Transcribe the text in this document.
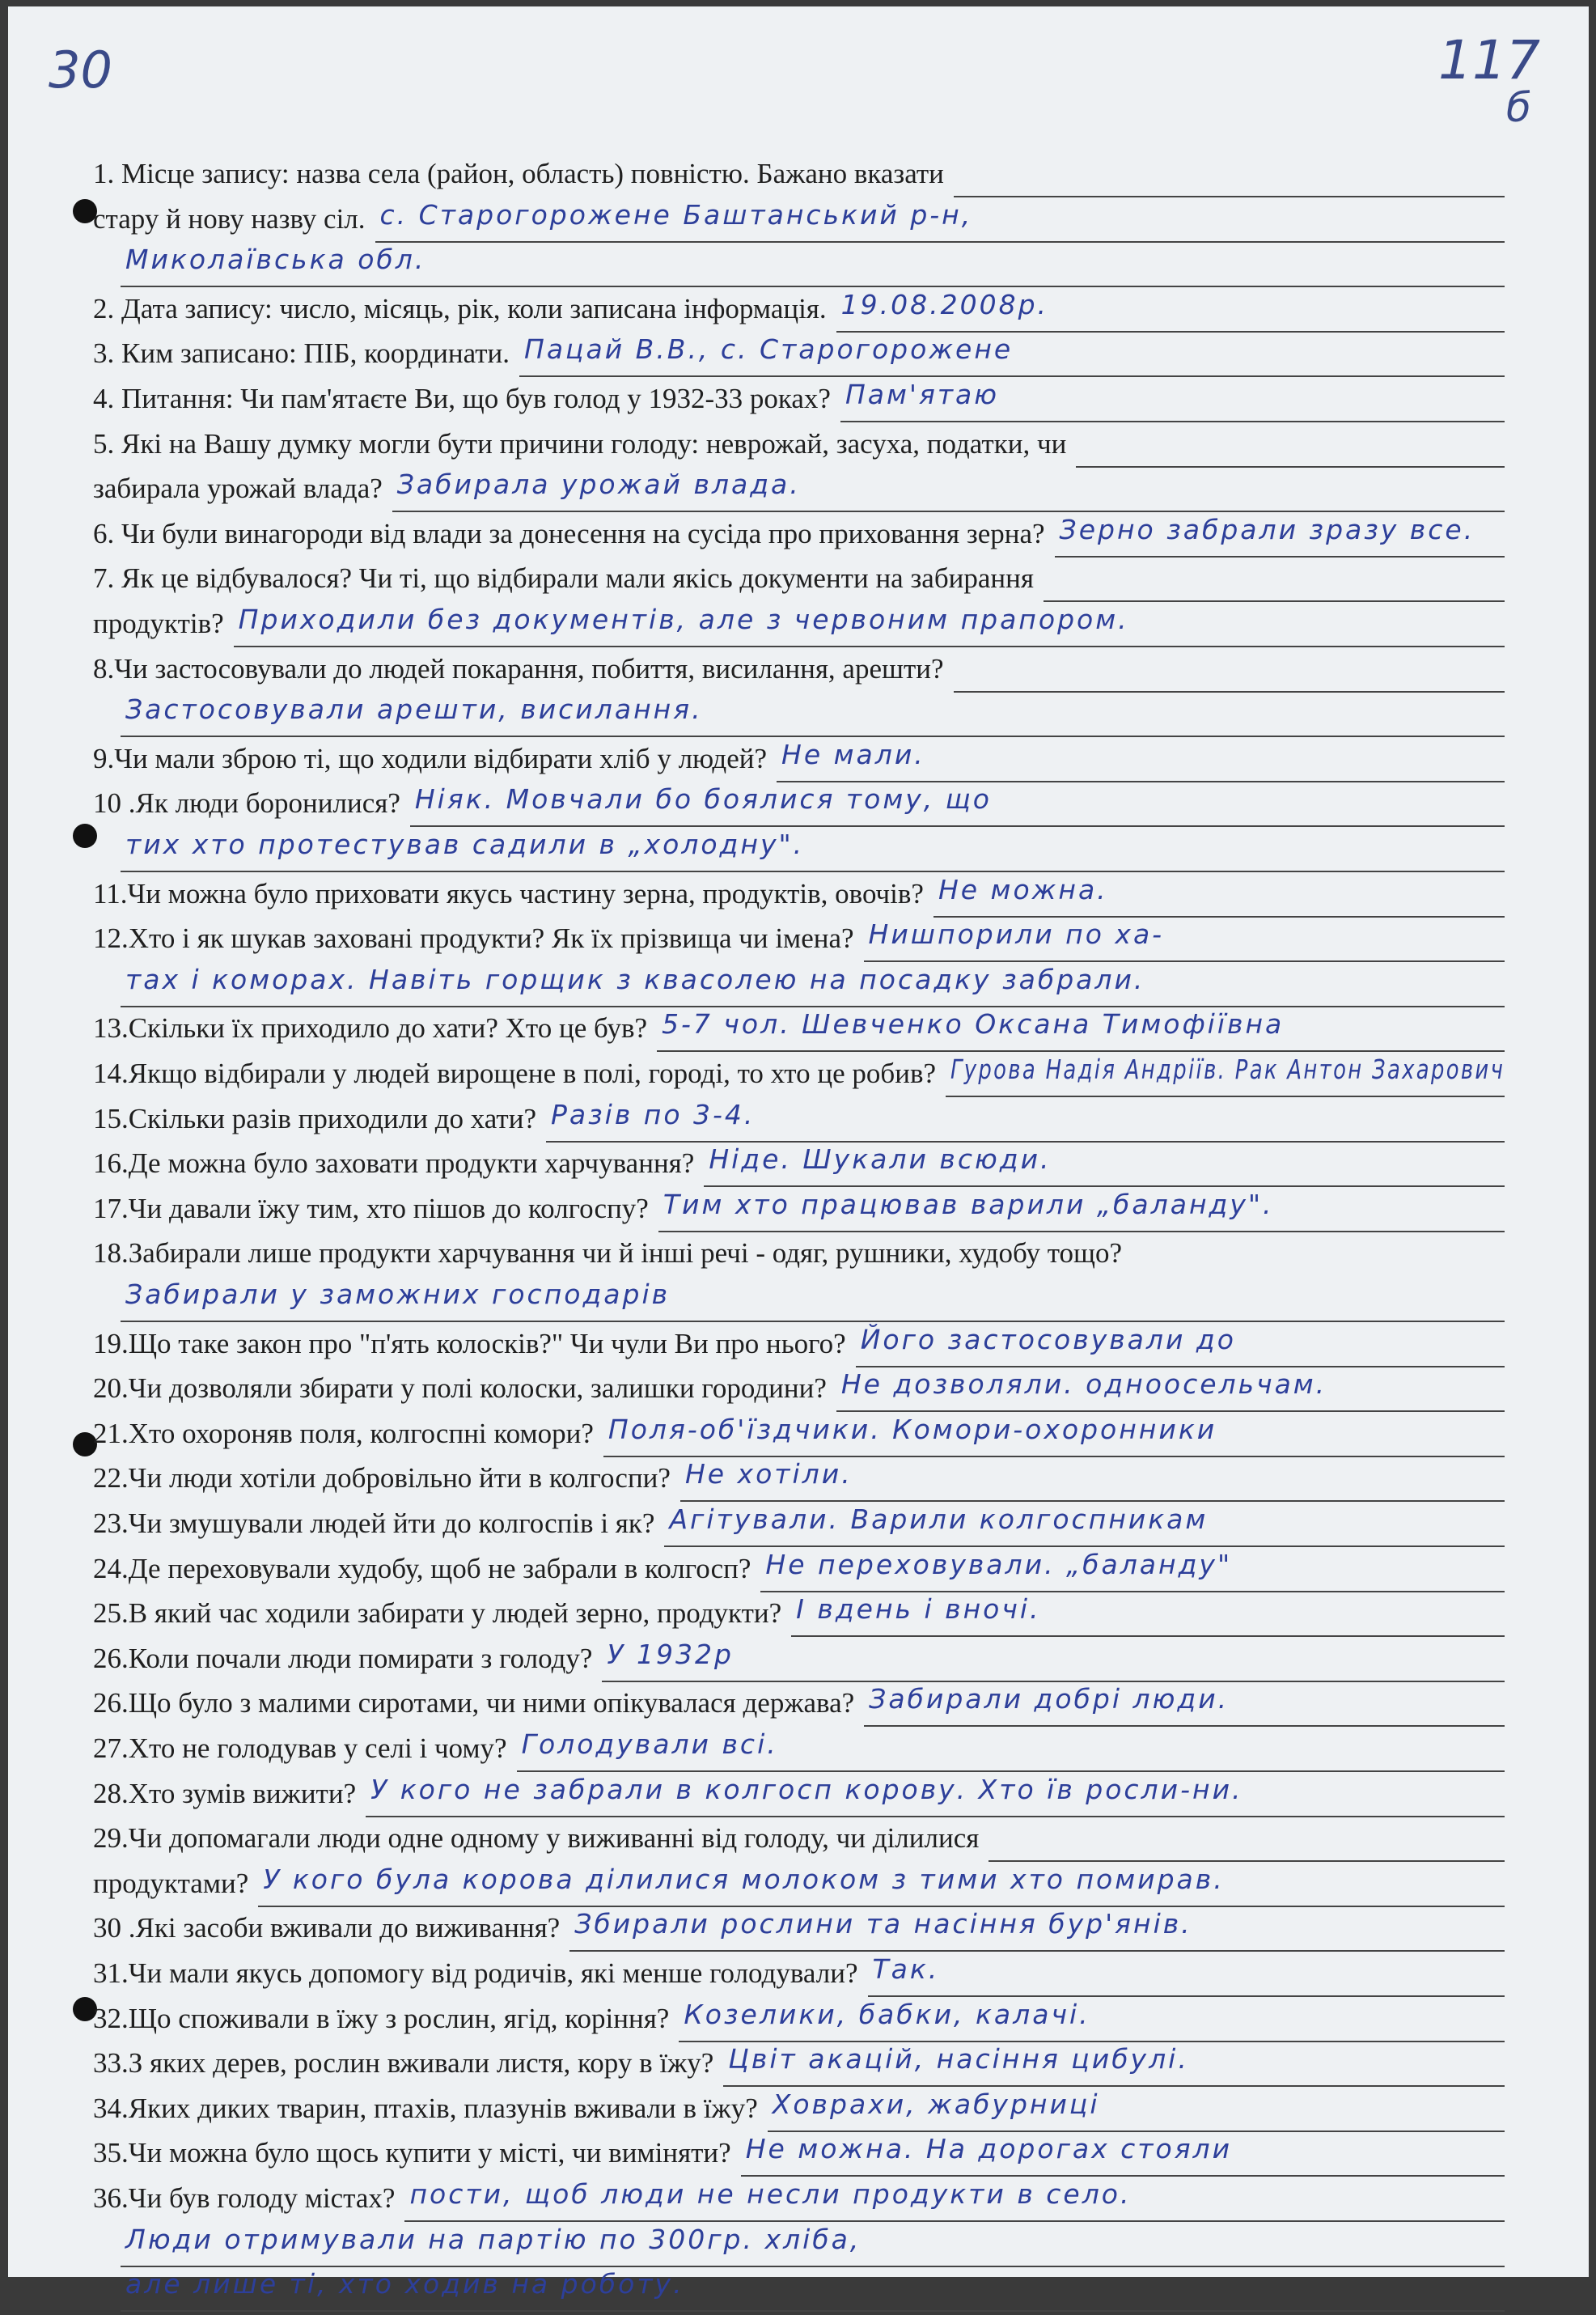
30	117
б
1. Місце запису: назва села (район, область) повністю. Бажано вказати
стару й нову назву сіл. с. Старогорожене Баштанський р-н,
Миколаївська обл.
2. Дата запису: число, місяць, рік, коли записана інформація. 19.08.2008р.
3. Ким записано: ПІБ, координати. Пацай В.В., с. Старогорожене
4. Питання: Чи пам'ятаєте Ви, що був голод у 1932-33 роках? Пам'ятаю
5. Які на Вашу думку могли бути причини голоду: неврожай, засуха, податки, чи
забирала урожай влада? Забирала урожай влада.
6. Чи були винагороди від влади за донесення на сусіда про приховання зерна? Зерно забрали зразу все.
7. Як це відбувалося? Чи ті, що відбирали мали якісь документи на забирання
продуктів? Приходили без документів, але з червоним прапором.
8.Чи застосовували до людей покарання, побиття, висилання, арешти?
Застосовували арешти, висилання.
9.Чи мали зброю ті, що ходили відбирати хліб у людей? Не мали.
10 .Як люди боронилися? Ніяк. Мовчали бо боялися тому, що
тих хто протестував садили в „холодну".
11.Чи можна було приховати якусь частину зерна, продуктів, овочів? Не можна.
12.Хто і як шукав заховані продукти? Як їх прізвища чи імена? Нишпорили по ха-
тах і коморах. Навіть горщик з квасолею на посадку забрали.
13.Скільки їх приходило до хати? Хто це був? 5-7 чол. Шевченко Оксана Тимофіївна
14.Якщо відбирали у людей вирощене в полі, городі, то хто це робив? Гурова Надія Андріїв. Рак Антон Захарович
15.Скільки разів приходили до хати? Разів по 3-4.
16.Де можна було заховати продукти харчування? Ніде. Шукали всюди.
17.Чи давали їжу тим, хто пішов до колгоспу? Тим хто працював варили „баланду".
18.Забирали лише продукти харчування чи й інші речі - одяг, рушники, худобу тощо?
Забирали у заможних господарів
19.Що таке закон про "п'ять колосків?" Чи чули Ви про нього? Його застосовували до
20.Чи дозволяли збирати у полі колоски, залишки городини? Не дозволяли. одноосельчам.
21.Хто охороняв поля, колгоспні комори? Поля-об'їздчики. Комори-охоронники
22.Чи люди хотіли добровільно йти в колгоспи? Не хотіли.
23.Чи змушували людей йти до колгоспів і як? Агітували. Варили колгоспникам
24.Де переховували худобу, щоб не забрали в колгосп? Не переховували. „баланду"
25.В який час ходили забирати у людей зерно, продукти? І вдень і вночі.
26.Коли почали люди помирати з голоду? У 1932р
26.Що було з малими сиротами, чи ними опікувалася держава? Забирали добрі люди.
27.Хто не голодував у селі і чому? Голодували всі.
28.Хто зумів вижити? У кого не забрали в колгосп корову. Хто їв росли-ни.
29.Чи допомагали люди одне одному у виживанні від голоду, чи ділилися
продуктами? У кого була корова ділилися молоком з тими хто помирав.
30 .Які засоби вживали до виживання? Збирали рослини та насіння бур'янів.
31.Чи мали якусь допомогу від родичів, які менше голодували? Так.
32.Що споживали в їжу з рослин, ягід, коріння? Козелики, бабки, калачі.
33.З яких дерев, рослин вживали листя, кору в їжу? Цвіт акацій, насіння цибулі.
34.Яких диких тварин, птахів, плазунів вживали в їжу? Ховрахи, жабурниці
35.Чи можна було щось купити у місті, чи виміняти? Не можна. На дорогах стояли
36.Чи був голоду містах? пости, щоб люди не несли продукти в село.
Люди отримували на партію по 300гр. хліба,
але лише ті, хто ходив на роботу.
